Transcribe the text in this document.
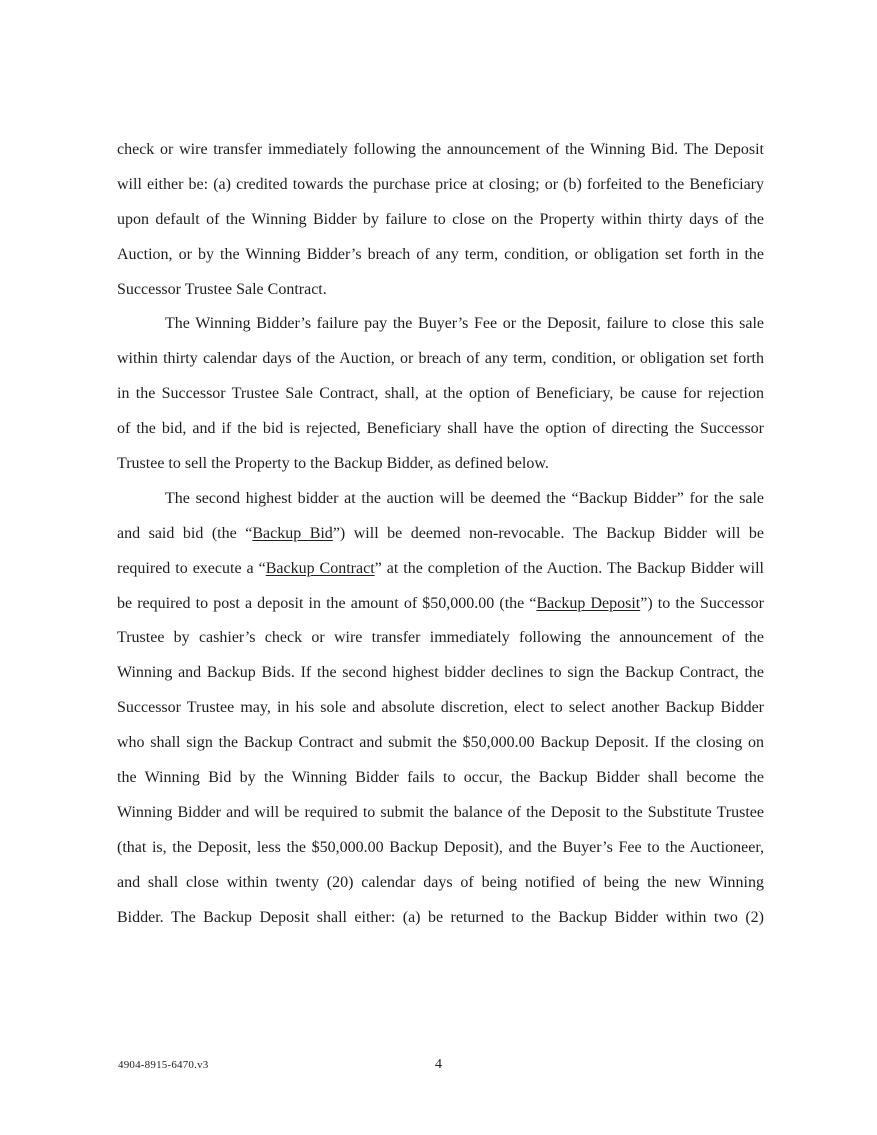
check or wire transfer immediately following the announcement of the Winning Bid. The Deposit
will either be: (a) credited towards the purchase price at closing; or (b) forfeited to the Beneficiary
upon default of the Winning Bidder by failure to close on the Property within thirty days of the
Auction, or by the Winning Bidder’s breach of any term, condition, or obligation set forth in the
Successor Trustee Sale Contract.
The Winning Bidder’s failure pay the Buyer’s Fee or the Deposit, failure to close this sale
within thirty calendar days of the Auction, or breach of any term, condition, or obligation set forth
in the Successor Trustee Sale Contract, shall, at the option of Beneficiary, be cause for rejection
of the bid, and if the bid is rejected, Beneficiary shall have the option of directing the Successor
Trustee to sell the Property to the Backup Bidder, as defined below.
The second highest bidder at the auction will be deemed the “Backup Bidder” for the sale
and said bid (the “Backup Bid”) will be deemed non-revocable. The Backup Bidder will be
required to execute a “Backup Contract” at the completion of the Auction. The Backup Bidder will
be required to post a deposit in the amount of $50,000.00 (the “Backup Deposit”) to the Successor
Trustee by cashier’s check or wire transfer immediately following the announcement of the
Winning and Backup Bids. If the second highest bidder declines to sign the Backup Contract, the
Successor Trustee may, in his sole and absolute discretion, elect to select another Backup Bidder
who shall sign the Backup Contract and submit the $50,000.00 Backup Deposit. If the closing on
the Winning Bid by the Winning Bidder fails to occur, the Backup Bidder shall become the
Winning Bidder and will be required to submit the balance of the Deposit to the Substitute Trustee
(that is, the Deposit, less the $50,000.00 Backup Deposit), and the Buyer’s Fee to the Auctioneer,
and shall close within twenty (20) calendar days of being notified of being the new Winning
Bidder. The Backup Deposit shall either: (a) be returned to the Backup Bidder within two (2)
4904-8915-6470.v3	4
